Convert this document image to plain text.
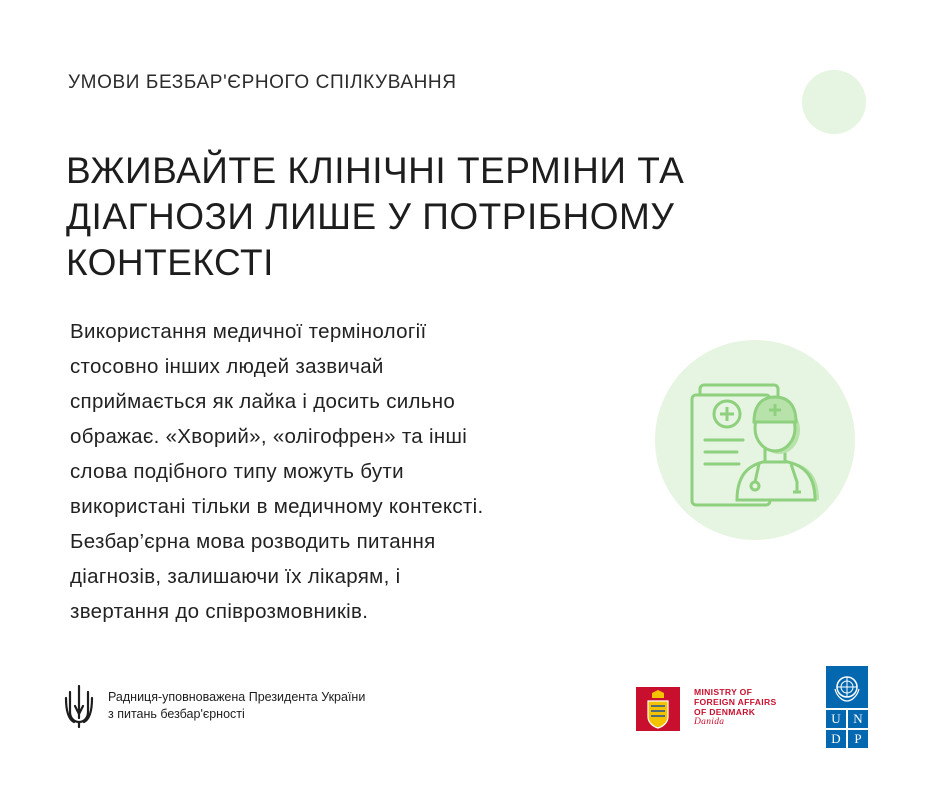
УМОВИ БЕЗБАР'ЄРНОГО СПІЛКУВАННЯ
ВЖИВАЙТЕ КЛІНІЧНІ ТЕРМІНИ ТА
ДІАГНОЗИ ЛИШЕ У ПОТРІБНОМУ
КОНТЕКСТІ
Використання медичної термінології
стосовно інших людей зазвичай
сприймається як лайка і досить сильно
ображає. «Хворий», «олігофрен» та інші
слова подібного типу можуть бути
використані тільки в медичному контексті.
Безбар’єрна мова розводить питання
діагнозів, залишаючи їх лікарям, і
звертання до співрозмовників.
Радниця-уповноважена Президента України
з питань безбар'єрності
MINISTRY OF
FOREIGN AFFAIRS
OF DENMARK
Danida	U N
D	P
